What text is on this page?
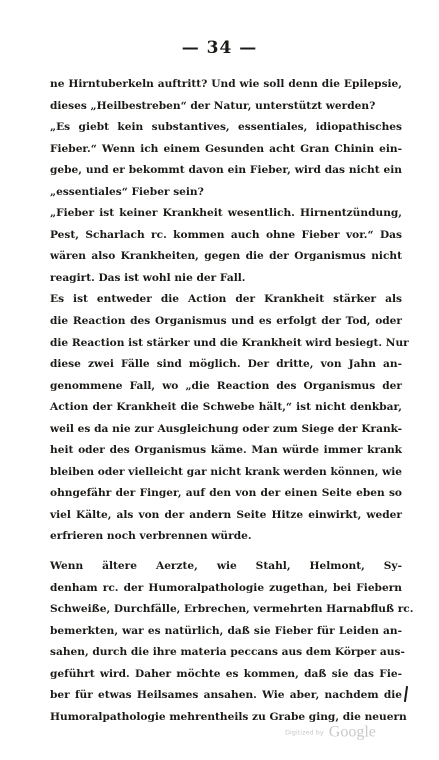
— 34 —
ne Hirntuberkeln auftritt? Und wie soll denn die Epilepsie,
dieses „Heilbestreben“ der Natur, unterstützt werden?
„Es giebt kein substantives, essentiales, idiopathisches
Fieber.“ Wenn ich einem Gesunden acht Gran Chinin ein-
gebe, und er bekommt davon ein Fieber, wird das nicht ein
„essentiales“ Fieber sein?
„Fieber ist keiner Krankheit wesentlich. Hirnentzündung,
Pest, Scharlach rc. kommen auch ohne Fieber vor.“ Das
wären also Krankheiten, gegen die der Organismus nicht
reagirt. Das ist wohl nie der Fall.
Es ist entweder die Action der Krankheit stärker als
die Reaction des Organismus und es erfolgt der Tod, oder
die Reaction ist stärker und die Krankheit wird besiegt. Nur
diese zwei Fälle sind möglich. Der dritte, von Jahn an-
genommene Fall, wo „die Reaction des Organismus der
Action der Krankheit die Schwebe hält,“ ist nicht denkbar,
weil es da nie zur Ausgleichung oder zum Siege der Krank-
heit oder des Organismus käme. Man würde immer krank
bleiben oder vielleicht gar nicht krank werden können, wie
ohngefähr der Finger, auf den von der einen Seite eben so
viel Kälte, als von der andern Seite Hitze einwirkt, weder
erfrieren noch verbrennen würde.
Wenn ältere Aerzte, wie Stahl, Helmont, Sy-
denham rc. der Humoralpathologie zugethan, bei Fiebern
Schweiße, Durchfälle, Erbrechen, vermehrten Harnabfluß rc.
bemerkten, war es natürlich, daß sie Fieber für Leiden an-
sahen, durch die ihre materia peccans aus dem Körper aus-
geführt wird. Daher möchte es kommen, daß sie das Fie-
ber für etwas Heilsames ansahen. Wie aber, nachdem die
Humoralpathologie mehrentheils zu Grabe ging, die neuern
Digitized by Google
